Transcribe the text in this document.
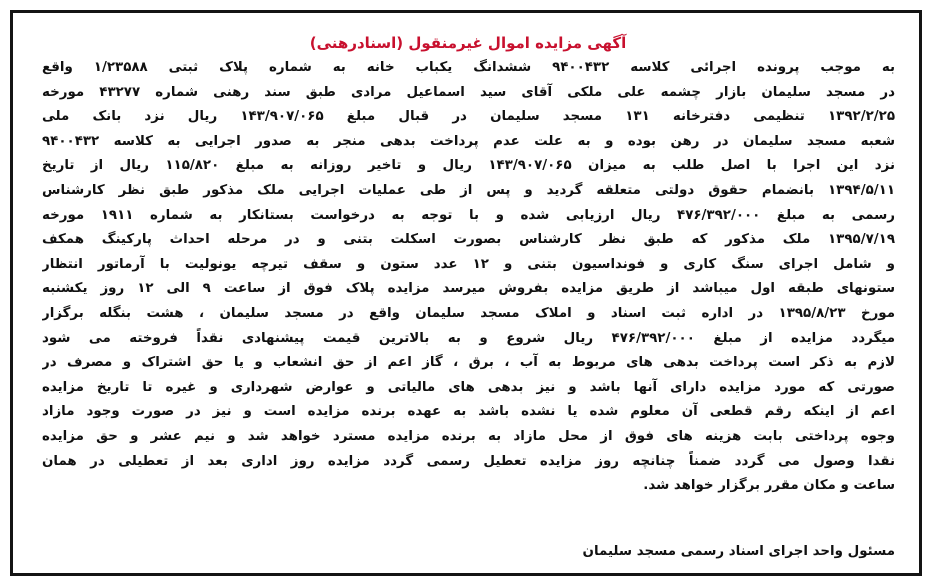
آگهی مزایده اموال غیرمنقول (اسنادرهنی)
به موجب پرونده اجرائی کلاسه ۹۴۰۰۴۳۲ ششدانگ یکباب خانه به شماره پلاک ثبتی ۱/۲۳۵۸۸ واقع
در مسجد سلیمان بازار چشمه علی ملکی آقای سید اسماعیل مرادی طبق سند رهنی شماره ۴۳۲۷۷ مورخه
۱۳۹۲/۲/۲۵ تنظیمی دفترخانه ۱۳۱ مسجد سلیمان در قبال مبلغ ۱۴۳/۹۰۷/۰۶۵ ریال نزد بانک ملی
شعبه مسجد سلیمان در رهن بوده و به علت عدم پرداخت بدهی منجر به صدور اجرایی به کلاسه ۹۴۰۰۴۳۲
نزد این اجرا با اصل طلب به میزان ۱۴۳/۹۰۷/۰۶۵ ریال و تاخیر روزانه به مبلغ ۱۱۵/۸۲۰ ریال از تاریخ
۱۳۹۴/۵/۱۱ بانضمام حقوق دولتی متعلقه گردید و پس از طی عملیات اجرایی ملک مذکور طبق نظر کارشناس
رسمی به مبلغ ۴۷۶/۳۹۲/۰۰۰ ریال ارزیابی شده و با توجه به درخواست بستانکار به شماره ۱۹۱۱ مورخه
۱۳۹۵/۷/۱۹ ملک مذکور که طبق نظر کارشناس بصورت اسکلت بتنی و در مرحله احداث پارکینگ همکف
و شامل اجرای سنگ کاری و فونداسیون بتنی و ۱۲ عدد ستون و سقف تیرچه یونولیت با آرماتور انتظار
ستونهای طبقه اول میباشد از طریق مزایده بفروش میرسد مزایده پلاک فوق از ساعت ۹ الی ۱۲ روز یکشنبه
مورخ ۱۳۹۵/۸/۲۳ در اداره ثبت اسناد و املاک مسجد سلیمان واقع در مسجد سلیمان ، هشت بنگله برگزار
میگردد مزایده از مبلغ ۴۷۶/۳۹۲/۰۰۰ ریال شروع و به بالاترین قیمت پیشنهادی نقداً فروخته می شود
لازم به ذکر است پرداخت بدهی های مربوط به آب ، برق ، گاز اعم از حق انشعاب و یا حق اشتراک و مصرف در
صورتی که مورد مزایده دارای آنها باشد و نیز بدهی های مالیاتی و عوارض شهرداری و غیره تا تاریخ مزایده
اعم از اینکه رقم قطعی آن معلوم شده یا نشده باشد به عهده برنده مزایده است و نیز در صورت وجود مازاد
وجوه پرداختی بابت هزینه های فوق از محل مازاد به برنده مزایده مسترد خواهد شد و نیم عشر و حق مزایده
نقدا وصول می گردد ضمناً چنانچه روز مزایده تعطیل رسمی گردد مزایده روز اداری بعد از تعطیلی در همان
ساعت و مکان مقرر برگزار خواهد شد.
مسئول واحد اجرای اسناد رسمی مسجد سلیمان
